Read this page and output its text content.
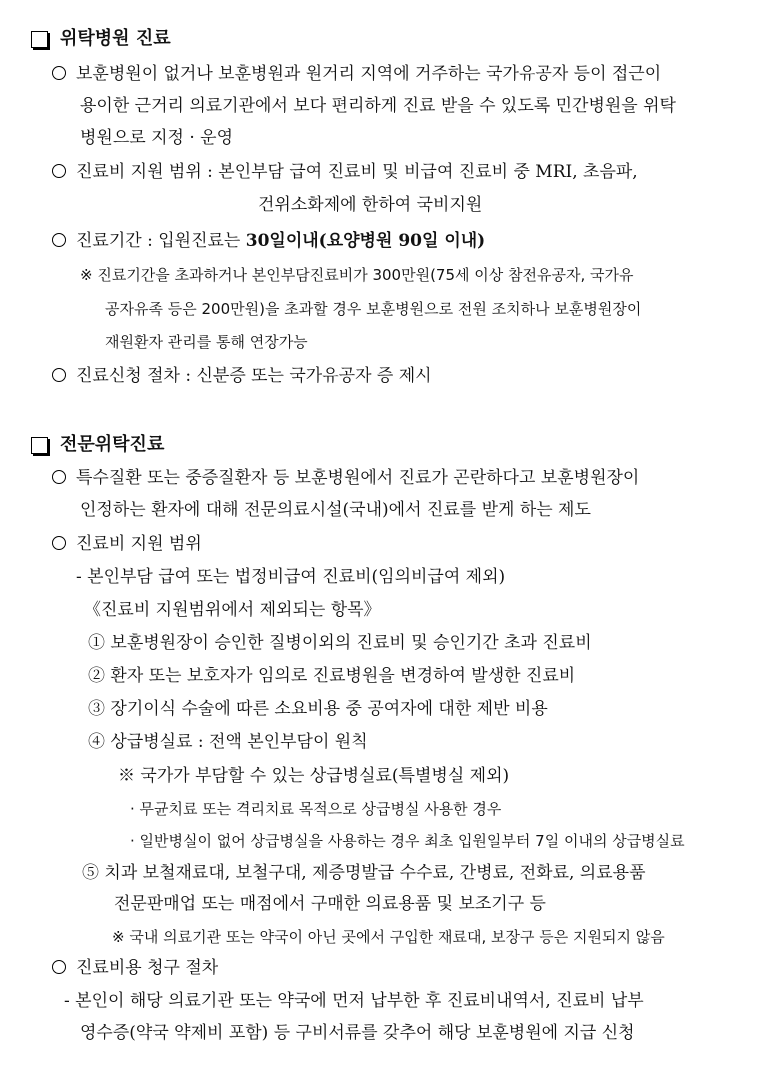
위탁병원 진료
보훈병원이 없거나 보훈병원과 원거리 지역에 거주하는 국가유공자 등이 접근이
용이한 근거리 의료기관에서 보다 편리하게 진료 받을 수 있도록 민간병원을 위탁
병원으로 지정 · 운영
진료비 지원 범위 : 본인부담 급여 진료비 및 비급여 진료비 중 MRI, 초음파,
건위소화제에 한하여 국비지원
진료기간 : 입원진료는 30일이내(요양병원 90일 이내)
※ 진료기간을 초과하거나 본인부담진료비가 300만원(75세 이상 참전유공자, 국가유
공자유족 등은 200만원)을 초과할 경우 보훈병원으로 전원 조치하나 보훈병원장이
재원환자 관리를 통해 연장가능
진료신청 절차 : 신분증 또는 국가유공자 증 제시
전문위탁진료
특수질환 또는 중증질환자 등 보훈병원에서 진료가 곤란하다고 보훈병원장이
인정하는 환자에 대해 전문의료시설(국내)에서 진료를 받게 하는 제도
진료비 지원 범위
- 본인부담 급여 또는 법정비급여 진료비(임의비급여 제외)
《진료비 지원범위에서 제외되는 항목》
① 보훈병원장이 승인한 질병이외의 진료비 및 승인기간 초과 진료비
② 환자 또는 보호자가 임의로 진료병원을 변경하여 발생한 진료비
③ 장기이식 수술에 따른 소요비용 중 공여자에 대한 제반 비용
④ 상급병실료 : 전액 본인부담이 원칙
※ 국가가 부담할 수 있는 상급병실료(특별병실 제외)
· 무균치료 또는 격리치료 목적으로 상급병실 사용한 경우
· 일반병실이 없어 상급병실을 사용하는 경우 최초 입원일부터 7일 이내의 상급병실료
⑤ 치과 보철재료대, 보철구대, 제증명발급 수수료, 간병료, 전화료, 의료용품
전문판매업 또는 매점에서 구매한 의료용품 및 보조기구 등
※ 국내 의료기관 또는 약국이 아닌 곳에서 구입한 재료대, 보장구 등은 지원되지 않음
진료비용 청구 절차
- 본인이 해당 의료기관 또는 약국에 먼저 납부한 후 진료비내역서, 진료비 납부
영수증(약국 약제비 포함) 등 구비서류를 갖추어 해당 보훈병원에 지급 신청
